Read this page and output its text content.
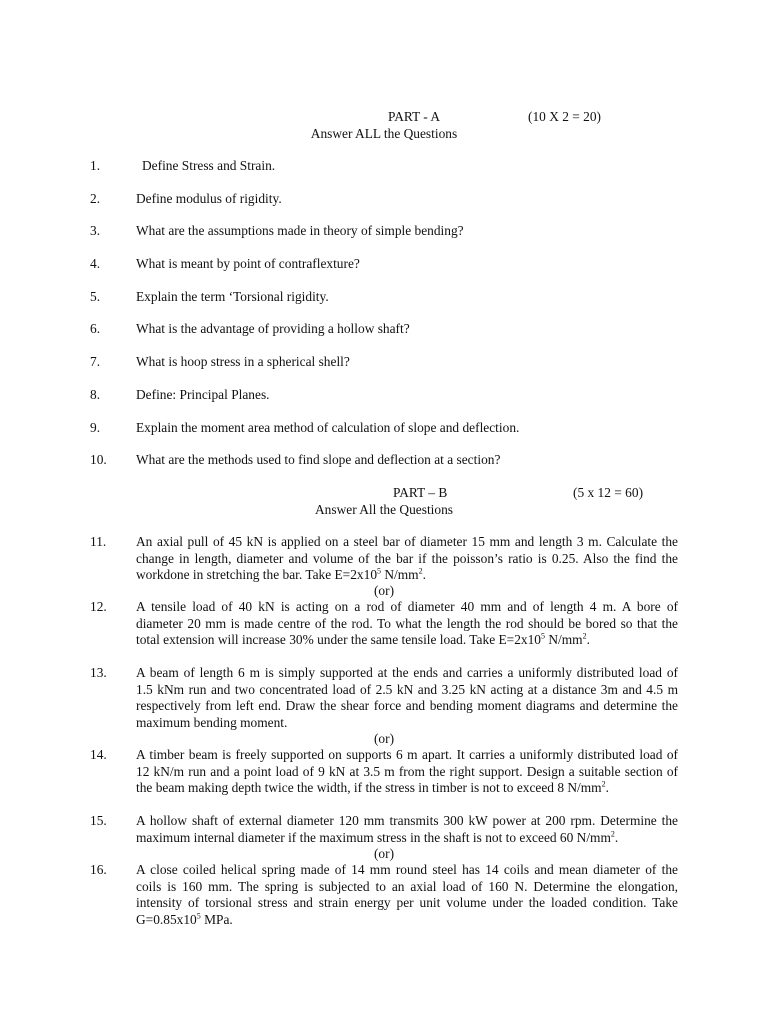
PART - A	(10 X 2 = 20)
Answer ALL the Questions
1.	Define Stress and Strain.
2.	Define modulus of rigidity.
3.	What are the assumptions made in theory of simple bending?
4.	What is meant by point of contraflexture?
5.	Explain the term ‘Torsional rigidity.
6.	What is the advantage of providing a hollow shaft?
7.	What is hoop stress in a spherical shell?
8.	Define: Principal Planes.
9.	Explain the moment area method of calculation of slope and deflection.
10. What are the methods used to find slope and deflection at a section?
PART – B	(5 x 12 = 60)
Answer All the Questions
11. An axial pull of 45 kN is applied on a steel bar of diameter 15 mm and length 3 m. Calculate the
change in length, diameter and volume of the bar if the poisson’s ratio is 0.25. Also the find the
workdone in stretching the bar. Take $E=2x10^5$ $N/mm^2$.
(or)
12. A tensile load of 40 kN is acting on a rod of diameter 40 mm and of length 4 m. A bore of
diameter 20 mm is made centre of the rod. To what the length the rod should be bored so that the
total extension will increase 30% under the same tensile load. Take $E=2x10^5$ $N/mm^2$.
13. A beam of length 6 m is simply supported at the ends and carries a uniformly distributed load of
1.5 kNm run and two concentrated load of 2.5 kN and 3.25 kN acting at a distance 3m and 4.5 m
respectively from left end. Draw the shear force and bending moment diagrams and determine the
maximum bending moment.
(or)
14. A timber beam is freely supported on supports 6 m apart. It carries a uniformly distributed load of
12 kN/m run and a point load of 9 kN at 3.5 m from the right support. Design a suitable section of
the beam making depth twice the width, if the stress in timber is not to exceed 8 $N/mm^2$.
15. A hollow shaft of external diameter 120 mm transmits 300 kW power at 200 rpm. Determine the
maximum internal diameter if the maximum stress in the shaft is not to exceed 60 $N/mm^2$.
(or)
16. A close coiled helical spring made of 14 mm round steel has 14 coils and mean diameter of the
coils is 160 mm. The spring is subjected to an axial load of 160 N. Determine the elongation,
intensity of torsional stress and strain energy per unit volume under the loaded condition. Take
$G=0.85x10^5$ MPa.
